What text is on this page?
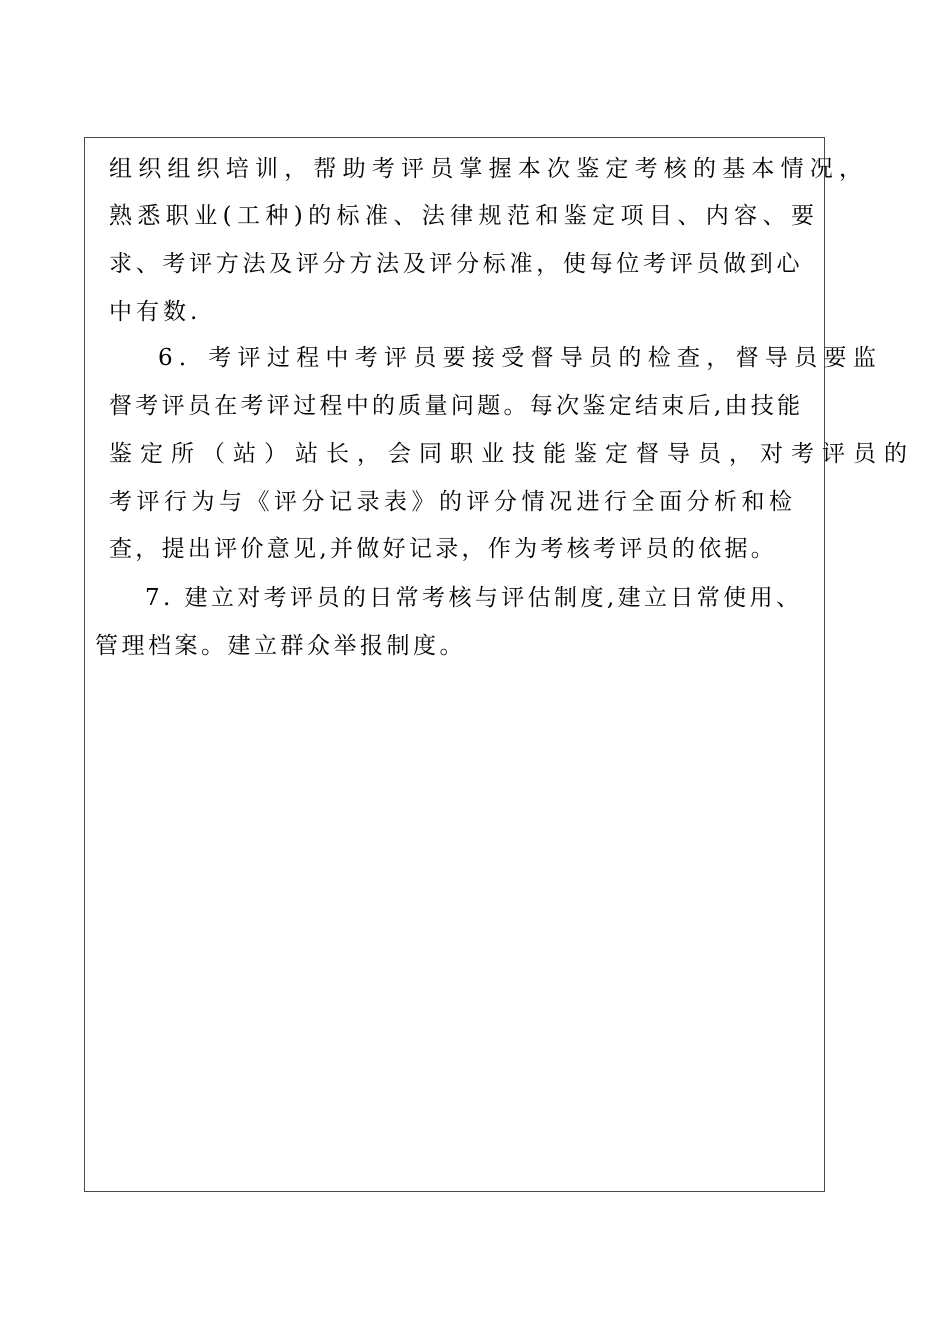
组织组织培训，帮助考评员掌握本次鉴定考核的基本情况，
熟悉职业(工种)的标准、法律规范和鉴定项目、内容、要
求、考评方法及评分方法及评分标准，使每位考评员做到心
中有数.
6．考评过程中考评员要接受督导员的检查，督导员要监
督考评员在考评过程中的质量问题。每次鉴定结束后,由技能
鉴定所（站）站长，会同职业技能鉴定督导员，对考评员的
考评行为与《评分记录表》的评分情况进行全面分析和检
查，提出评价意见,并做好记录，作为考核考评员的依据。
7. 建立对考评员的日常考核与评估制度,建立日常使用、
管理档案。建立群众举报制度。
